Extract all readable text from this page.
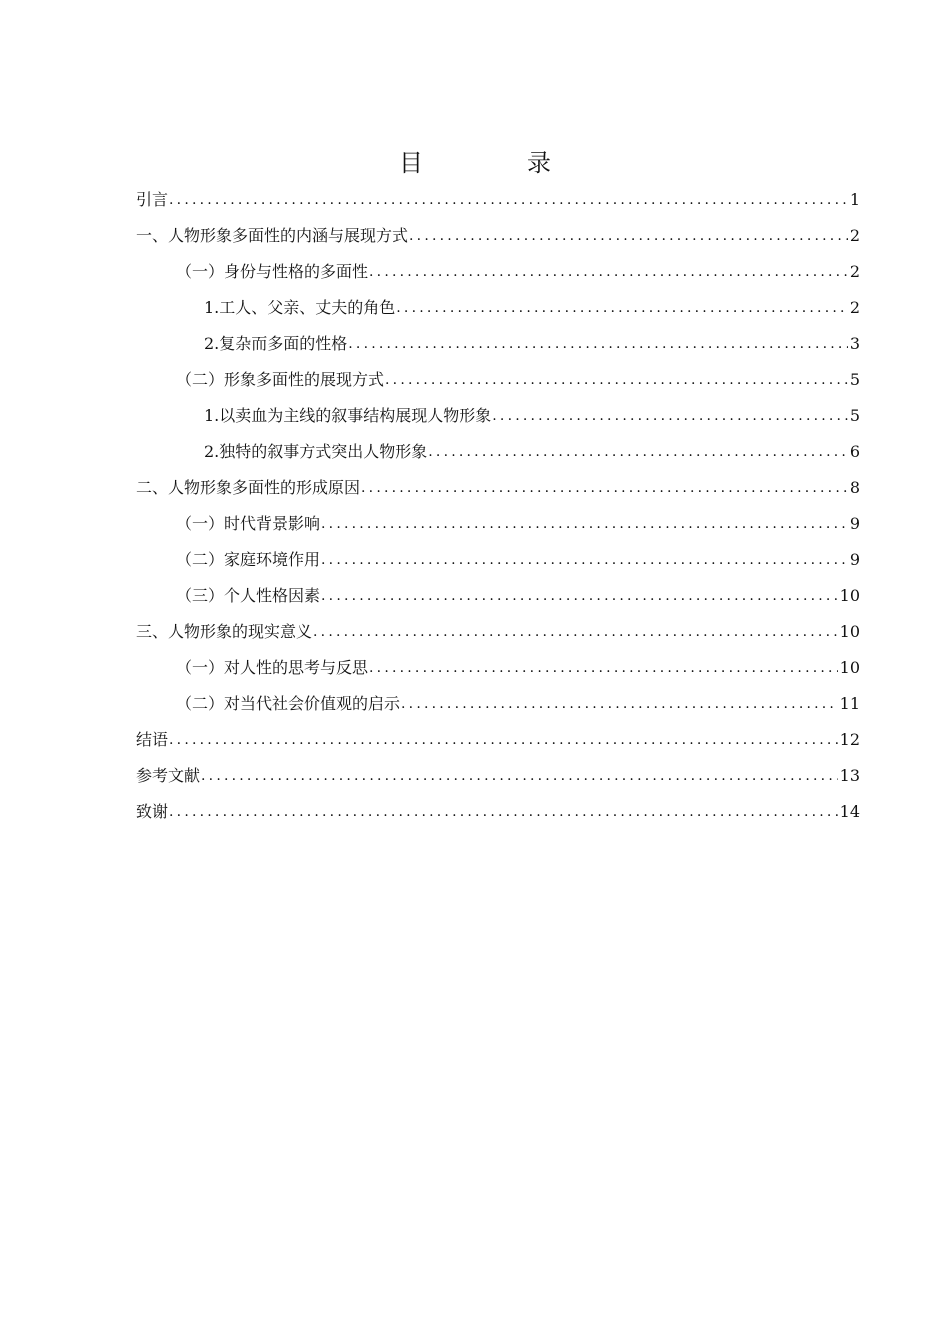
目　录
引言 .....	1
一、人物形象多面性的内涵与展现方式 .....	2
（一）身份与性格的多面性 .....	2
1.工人、父亲、丈夫的角色 .....	2
2.复杂而多面的性格 .....	3
（二）形象多面性的展现方式 .....	5
1.以卖血为主线的叙事结构展现人物形象 .....	5
2.独特的叙事方式突出人物形象 .....	6
二、人物形象多面性的形成原因 .....	8
（一）时代背景影响 .....	9
（二）家庭环境作用 .....	9
（三）个人性格因素 .....	10
三、人物形象的现实意义 .....	10
（一）对人性的思考与反思 .....	10
（二）对当代社会价值观的启示 .....	11
结语 .....	12
参考文献 .....	13
致谢 .....	14
